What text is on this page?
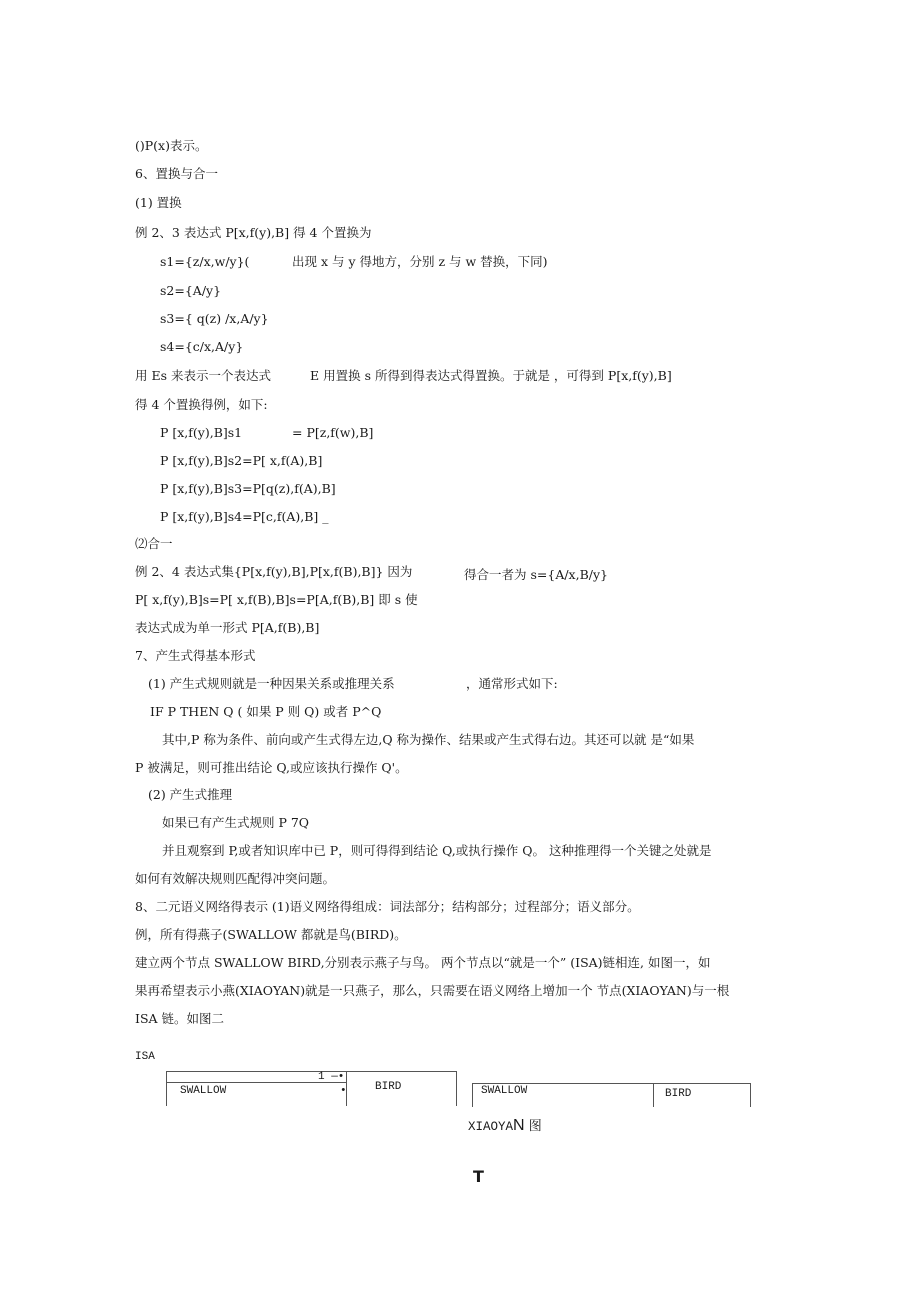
()P(x)表示。
6、置换与合一
(1) 置换
例 2、3 表达式 P[x,f(y),B] 得 4 个置换为
s1={z/x,w/y}(	出现 x 与 y 得地方，分别 z 与 w 替换，下同)
s2={A/y}
s3={ q(z) /x,A/y}
s4={c/x,A/y}
用 Es 来表示一个表达式	E 用置换 s 所得到得表达式得置换。于就是 ，可得到 P[x,f(y),B]
得 4 个置换得例，如下:
P [x,f(y),B]s1	= P[z,f(w),B]
P [x,f(y),B]s2=P[ x,f(A),B]
P [x,f(y),B]s3=P[q(z),f(A),B]
P [x,f(y),B]s4=P[c,f(A),B] _
⑵合一
例 2、4 表达式集{P[x,f(y),B],P[x,f(B),B]} 因为	得合一者为 s={A/x,B/y}
P[ x,f(y),B]s=P[ x,f(B),B]s=P[A,f(B),B] 即 s 使
表达式成为单一形式 P[A,f(B),B]
7、产生式得基本形式
(1) 产生式规则就是一种因果关系或推理关系	，通常形式如下:
IF P THEN Q ( 如果 P 则 Q) 或者 P^Q
其中,P 称为条件、前向或产生式得左边,Q 称为操作、结果或产生式得右边。其还可以就 是“如果
P 被满足，则可推出结论 Q,或应该执行操作 Q'。
(2) 产生式推理
如果已有产生式规则 P 7Q
并且观察到 P,或者知识库中已 P，则可得得到结论 Q,或执行操作 Q。 这种推理得一个关键之处就是
如何有效解决规则匹配得冲突问题。
8、二元语义网络得表示 (1)语义网络得组成：词法部分；结构部分；过程部分；语义部分。
例，所有得燕子(SWALLOW 都就是鸟(BIRD)。
建立两个节点 SWALLOW BIRD,分别表示燕子与鸟。 两个节点以“就是一个” (ISA)链相连, 如图一，如
果再希望表示小燕(XIAOYAN)就是一只燕子，那么，只需要在语义网络上增加一个 节点(XIAOYAN)与一根
ISA 链。如图二
ISA
1 —•
•
SWALLOW	BIRD	SWALLOW	BIRD
XIAOYAN 图
T
